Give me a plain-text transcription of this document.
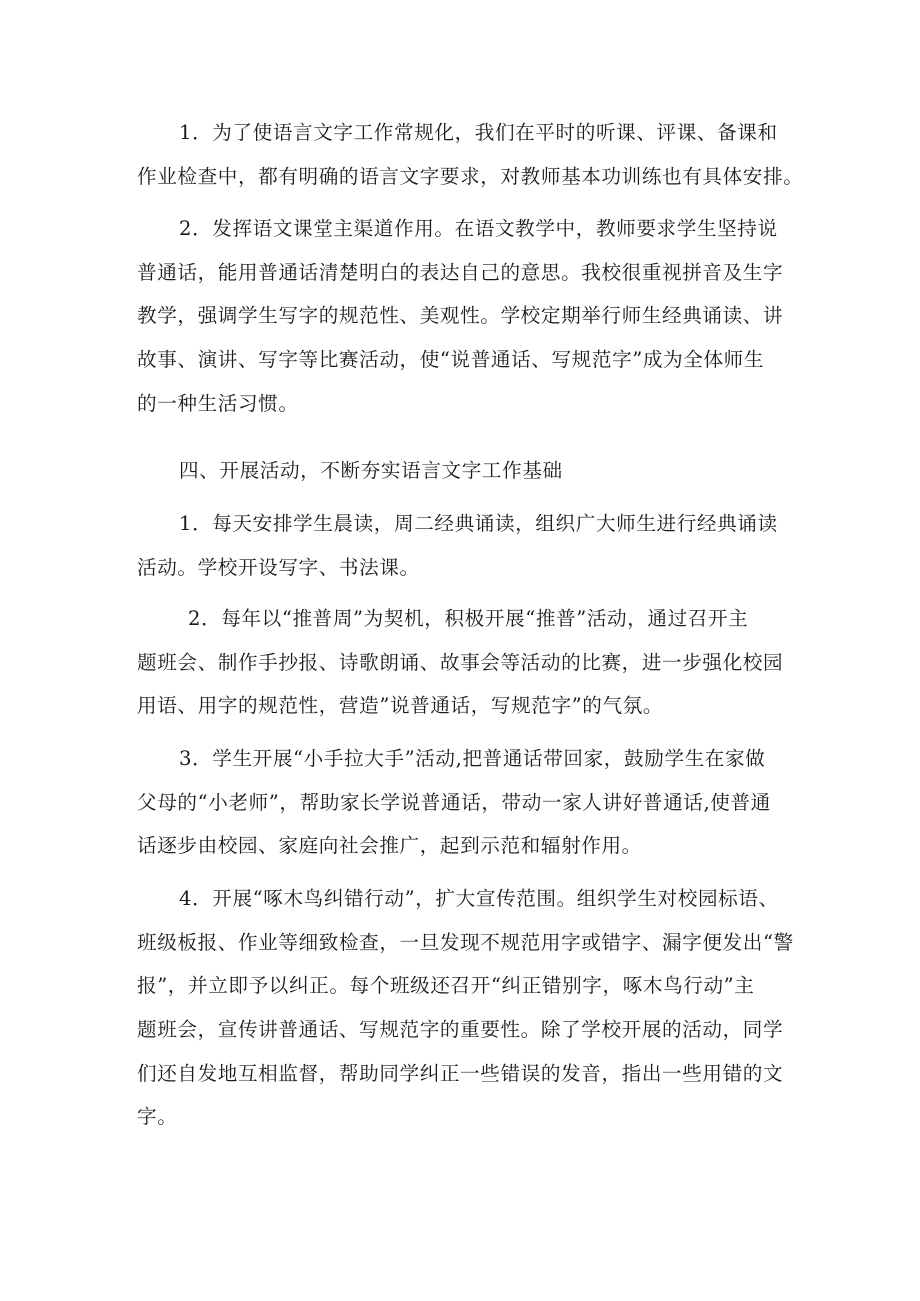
1．为了使语言文字工作常规化，我们在平时的听课、评课、备课和
作业检查中，都有明确的语言文字要求，对教师基本功训练也有具体安排。
2．发挥语文课堂主渠道作用。在语文教学中，教师要求学生坚持说
普通话，能用普通话清楚明白的表达自己的意思。我校很重视拼音及生字
教学，强调学生写字的规范性、美观性。学校定期举行师生经典诵读、讲
故事、演讲、写字等比赛活动，使“说普通话、写规范字”成为全体师生
的一种生活习惯。
四、开展活动，不断夯实语言文字工作基础
1．每天安排学生晨读，周二经典诵读，组织广大师生进行经典诵读
活动。学校开设写字、书法课。
2．每年以“推普周”为契机，积极开展“推普”活动，通过召开主
题班会、制作手抄报、诗歌朗诵、故事会等活动的比赛，进一步强化校园
用语、用字的规范性，营造”说普通话，写规范字”的气氛。
3．学生开展“小手拉大手”活动,把普通话带回家，鼓励学生在家做
父母的“小老师”，帮助家长学说普通话，带动一家人讲好普通话,使普通
话逐步由校园、家庭向社会推广，起到示范和辐射作用。
4．开展“啄木鸟纠错行动”，扩大宣传范围。组织学生对校园标语、
班级板报、作业等细致检查，一旦发现不规范用字或错字、漏字便发出“警
报”，并立即予以纠正。每个班级还召开“纠正错别字，啄木鸟行动”主
题班会，宣传讲普通话、写规范字的重要性。除了学校开展的活动，同学
们还自发地互相监督，帮助同学纠正一些错误的发音，指出一些用错的文
字。
